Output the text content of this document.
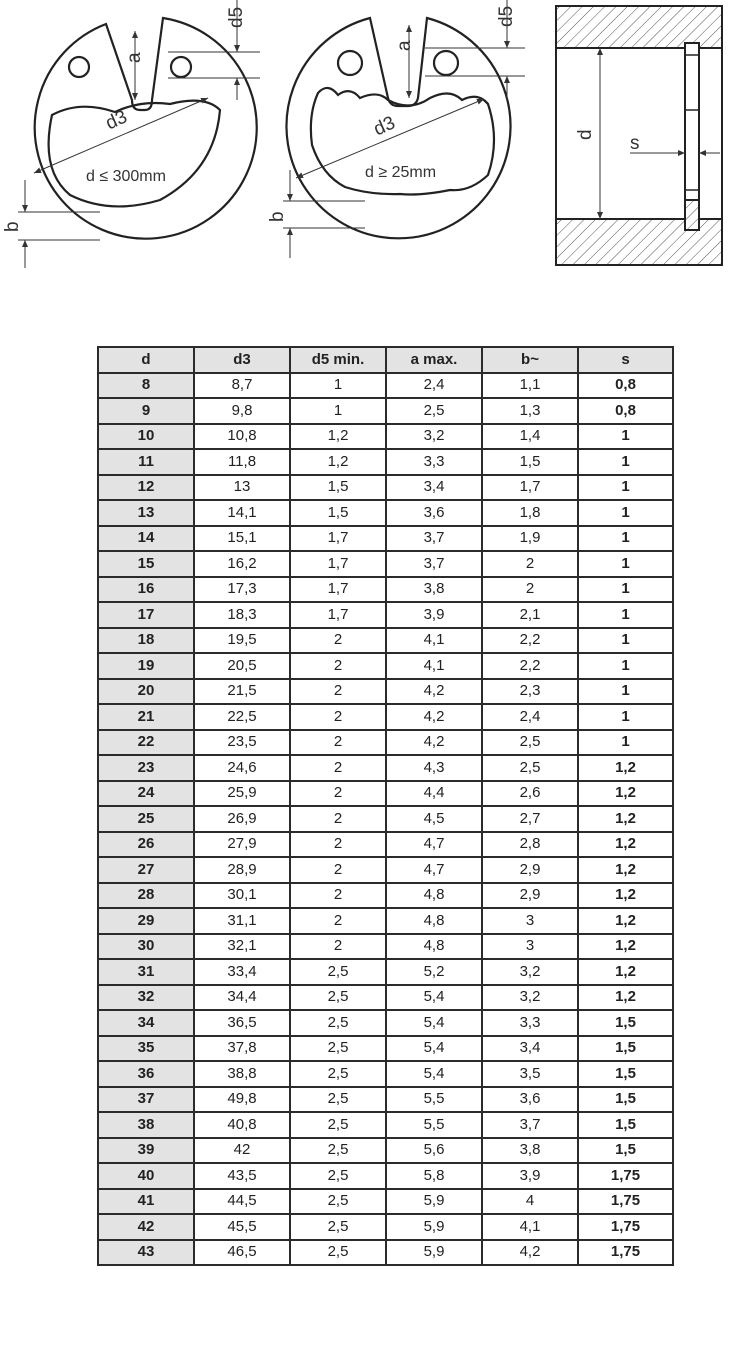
d3
d ≤ 300mm
a
d5
b
d3
d ≥ 25mm
a
d5
b
d s
d	d3	d5 min.	a max.	b~	s
8	8,7	1	2,4	1,1	0,8
9	9,8	1	2,5	1,3	0,8
10	10,8	1,2	3,2	1,4	1
11	11,8	1,2	3,3	1,5	1
12	13	1,5	3,4	1,7	1
13	14,1	1,5	3,6	1,8	1
14	15,1	1,7	3,7	1,9	1
15	16,2	1,7	3,7	2	1
16	17,3	1,7	3,8	2	1
17	18,3	1,7	3,9	2,1	1
18	19,5	2	4,1	2,2	1
19	20,5	2	4,1	2,2	1
20	21,5	2	4,2	2,3	1
21	22,5	2	4,2	2,4	1
22	23,5	2	4,2	2,5	1
23	24,6	2	4,3	2,5	1,2
24	25,9	2	4,4	2,6	1,2
25	26,9	2	4,5	2,7	1,2
26	27,9	2	4,7	2,8	1,2
27	28,9	2	4,7	2,9	1,2
28	30,1	2	4,8	2,9	1,2
29	31,1	2	4,8	3	1,2
30	32,1	2	4,8	3	1,2
31	33,4	2,5	5,2	3,2	1,2
32	34,4	2,5	5,4	3,2	1,2
34	36,5	2,5	5,4	3,3	1,5
35	37,8	2,5	5,4	3,4	1,5
36	38,8	2,5	5,4	3,5	1,5
37	49,8	2,5	5,5	3,6	1,5
38	40,8	2,5	5,5	3,7	1,5
39	42	2,5	5,6	3,8	1,5
40	43,5	2,5	5,8	3,9	1,75
41	44,5	2,5	5,9	4	1,75
42	45,5	2,5	5,9	4,1	1,75
43	46,5	2,5	5,9	4,2	1,75
